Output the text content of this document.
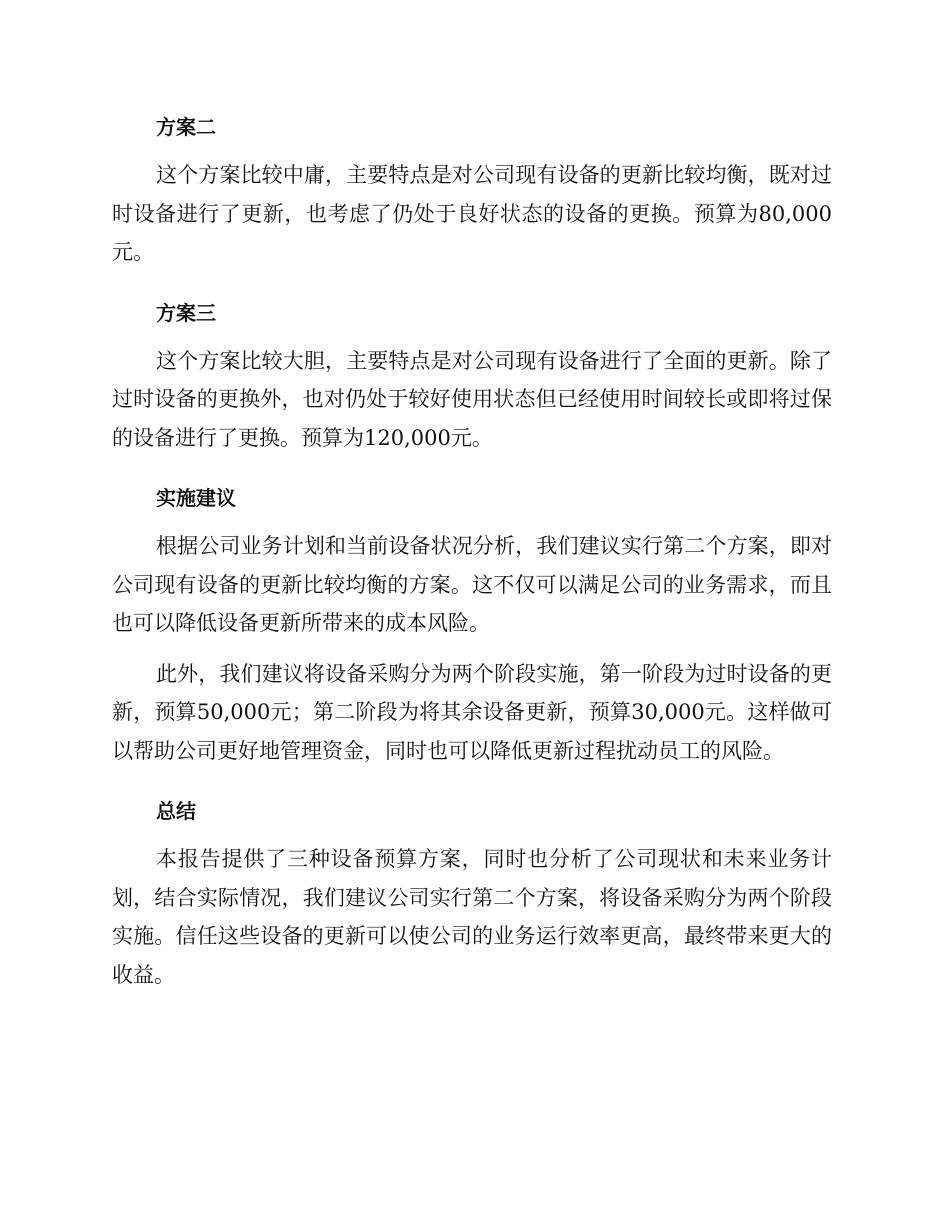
方案二

这个方案比较中庸，主要特点是对公司现有设备的更新比较均衡，既对过时设备进行了更新，也考虑了仍处于良好状态的设备的更换。预算为80,000元。

方案三

这个方案比较大胆，主要特点是对公司现有设备进行了全面的更新。除了过时设备的更换外，也对仍处于较好使用状态但已经使用时间较长或即将过保的设备进行了更换。预算为120,000元。

实施建议

根据公司业务计划和当前设备状况分析，我们建议实行第二个方案，即对公司现有设备的更新比较均衡的方案。这不仅可以满足公司的业务需求，而且也可以降低设备更新所带来的成本风险。

此外，我们建议将设备采购分为两个阶段实施，第一阶段为过时设备的更新，预算50,000元；第二阶段为将其余设备更新，预算30,000元。这样做可以帮助公司更好地管理资金，同时也可以降低更新过程扰动员工的风险。

总结

本报告提供了三种设备预算方案，同时也分析了公司现状和未来业务计划，结合实际情况，我们建议公司实行第二个方案，将设备采购分为两个阶段实施。信任这些设备的更新可以使公司的业务运行效率更高，最终带来更大的收益。
